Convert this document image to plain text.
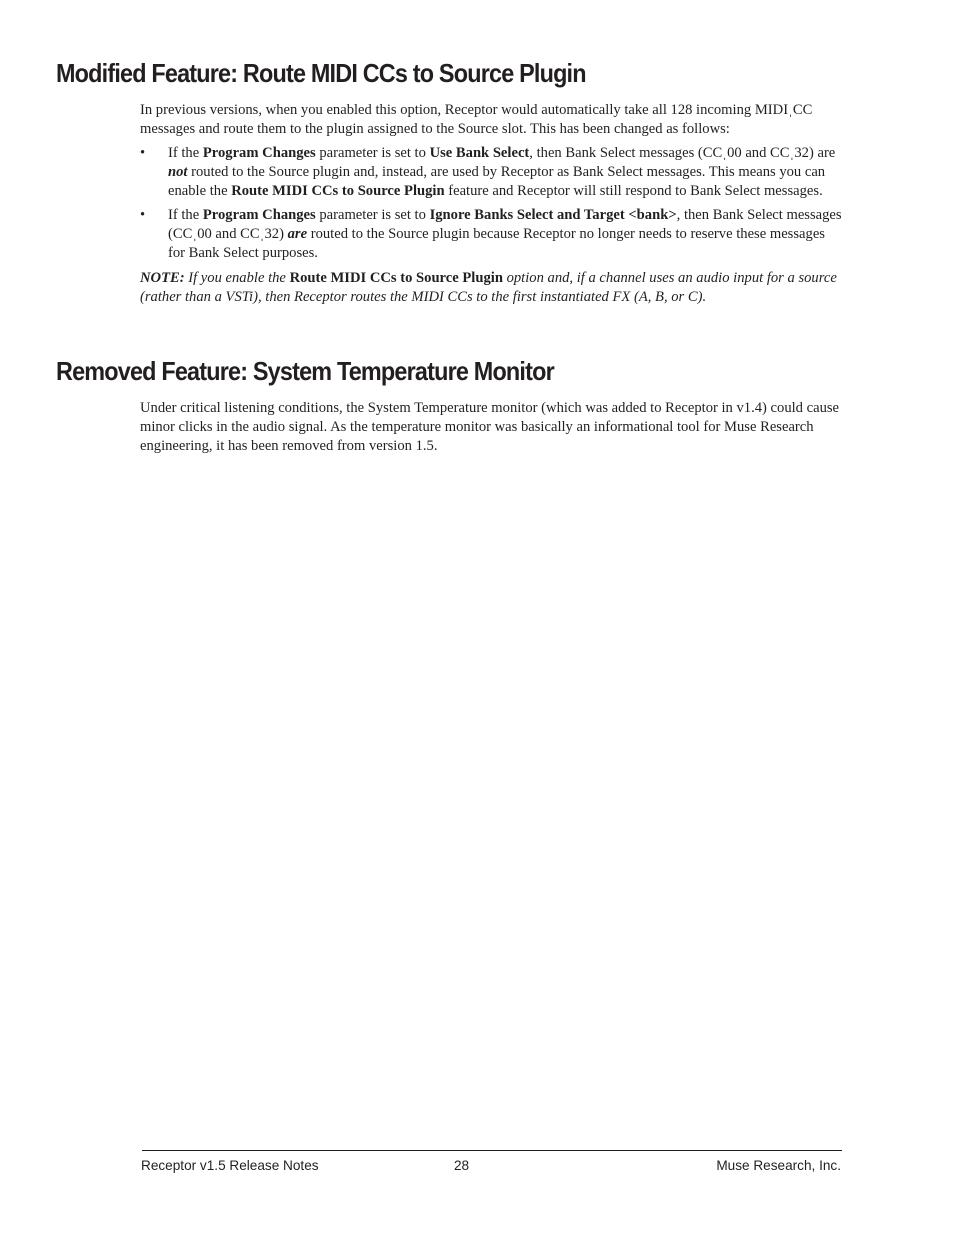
Modified Feature: Route MIDI CCs to Source Plugin

In previous versions, when you enabled this option, Receptor would automatically take all 128 incoming MIDIˌCC messages and route them to the plugin assigned to the Source slot. This has been changed as follows:

• If the Program Changes parameter is set to Use Bank Select, then Bank Select messages (CCˌ00 and CCˌ32) are not routed to the Source plugin and, instead, are used by Receptor as Bank Select messages. This means you can enable the Route MIDI CCs to Source Plugin feature and Receptor will still respond to Bank Select messages.
• If the Program Changes parameter is set to Ignore Banks Select and Target <bank>, then Bank Select messages (CCˌ00 and CCˌ32) are routed to the Source plugin because Receptor no longer needs to reserve these messages for Bank Select purposes.

NOTE: If you enable the Route MIDI CCs to Source Plugin option and, if a channel uses an audio input for a source (rather than a VSTi), then Receptor routes the MIDI CCs to the first instantiated FX (A, B, or C).

Removed Feature: System Temperature Monitor

Under critical listening conditions, the System Temperature monitor (which was added to Receptor in v1.4) could cause minor clicks in the audio signal. As the temperature monitor was basically an informational tool for Muse Research engineering, it has been removed from version 1.5.

Receptor v1.5 Release Notes	28	Muse Research, Inc.
